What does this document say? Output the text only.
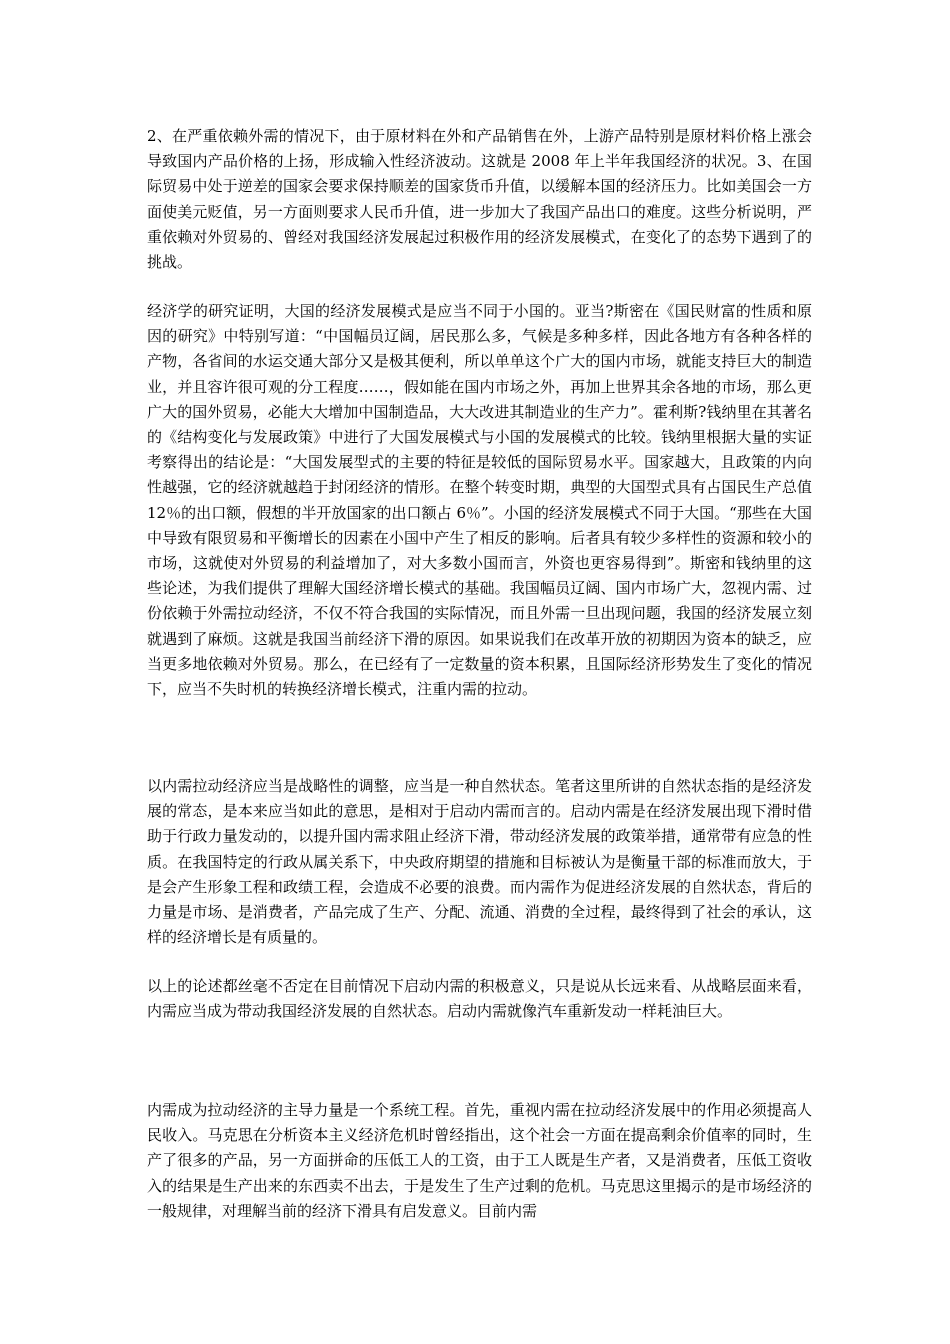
2、在严重依赖外需的情况下，由于原材料在外和产品销售在外，上游产品特别是原材料价格上涨会导致国内产品价格的上扬，形成输入性经济波动。这就是 2008 年上半年我国经济的状况。3、在国际贸易中处于逆差的国家会要求保持顺差的国家货币升值，以缓解本国的经济压力。比如美国会一方面使美元贬值，另一方面则要求人民币升值，进一步加大了我国产品出口的难度。这些分析说明，严重依赖对外贸易的、曾经对我国经济发展起过积极作用的经济发展模式，在变化了的态势下遇到了的挑战。

经济学的研究证明，大国的经济发展模式是应当不同于小国的。亚当?斯密在《国民财富的性质和原因的研究》中特别写道：“中国幅员辽阔，居民那么多，气候是多种多样，因此各地方有各种各样的产物，各省间的水运交通大部分又是极其便利，所以单单这个广大的国内市场，就能支持巨大的制造业，并且容许很可观的分工程度……，假如能在国内市场之外，再加上世界其余各地的市场，那么更广大的国外贸易，必能大大增加中国制造品，大大改进其制造业的生产力”。霍利斯?钱纳里在其著名的《结构变化与发展政策》中进行了大国发展模式与小国的发展模式的比较。钱纳里根据大量的实证考察得出的结论是：“大国发展型式的主要的特征是较低的国际贸易水平。国家越大，且政策的内向性越强，它的经济就越趋于封闭经济的情形。在整个转变时期，典型的大国型式具有占国民生产总值 12％的出口额，假想的半开放国家的出口额占 6％”。小国的经济发展模式不同于大国。“那些在大国中导致有限贸易和平衡增长的因素在小国中产生了相反的影响。后者具有较少多样性的资源和较小的市场，这就使对外贸易的利益增加了，对大多数小国而言，外资也更容易得到”。斯密和钱纳里的这些论述，为我们提供了理解大国经济增长模式的基础。我国幅员辽阔、国内市场广大，忽视内需、过份依赖于外需拉动经济，不仅不符合我国的实际情况，而且外需一旦出现问题，我国的经济发展立刻就遇到了麻烦。这就是我国当前经济下滑的原因。如果说我们在改革开放的初期因为资本的缺乏，应当更多地依赖对外贸易。那么，在已经有了一定数量的资本积累，且国际经济形势发生了变化的情况下，应当不失时机的转换经济增长模式，注重内需的拉动。

以内需拉动经济应当是战略性的调整，应当是一种自然状态。笔者这里所讲的自然状态指的是经济发展的常态，是本来应当如此的意思，是相对于启动内需而言的。启动内需是在经济发展出现下滑时借助于行政力量发动的，以提升国内需求阻止经济下滑，带动经济发展的政策举措，通常带有应急的性质。在我国特定的行政从属关系下，中央政府期望的措施和目标被认为是衡量干部的标准而放大，于是会产生形象工程和政绩工程，会造成不必要的浪费。而内需作为促进经济发展的自然状态，背后的力量是市场、是消费者，产品完成了生产、分配、流通、消费的全过程，最终得到了社会的承认，这样的经济增长是有质量的。

以上的论述都丝毫不否定在目前情况下启动内需的积极意义，只是说从长远来看、从战略层面来看，内需应当成为带动我国经济发展的自然状态。启动内需就像汽车重新发动一样耗油巨大。

内需成为拉动经济的主导力量是一个系统工程。首先，重视内需在拉动经济发展中的作用必须提高人民收入。马克思在分析资本主义经济危机时曾经指出，这个社会一方面在提高剩余价值率的同时，生产了很多的产品，另一方面拼命的压低工人的工资，由于工人既是生产者，又是消费者，压低工资收入的结果是生产出来的东西卖不出去，于是发生了生产过剩的危机。马克思这里揭示的是市场经济的一般规律，对理解当前的经济下滑具有启发意义。目前内需
